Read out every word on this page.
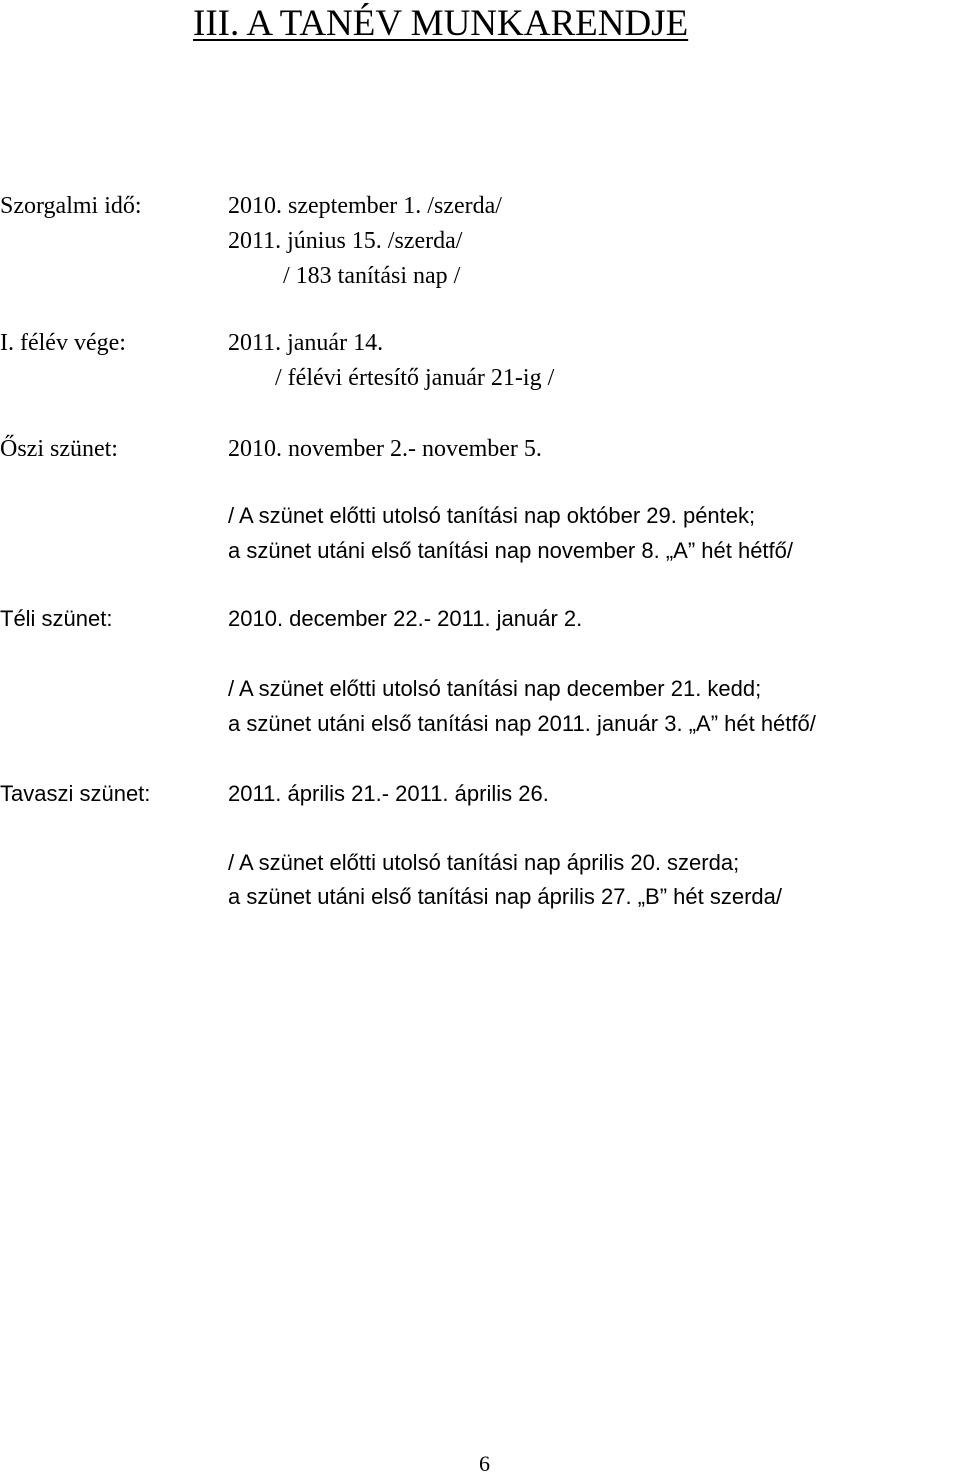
III. A TANÉV MUNKARENDJE
Szorgalmi idő:	2010. szeptember 1. /szerda/
2011. június 15. /szerda/
/ 183 tanítási nap /
I. félév vége:	2011. január 14.
/ félévi értesítő január 21-ig /
Őszi szünet:	2010. november 2.- november 5.
/ A szünet előtti utolsó tanítási nap október 29. péntek;
a szünet utáni első tanítási nap november 8. „A” hét hétfő/
Téli szünet:	2010. december 22.- 2011. január 2.
/ A szünet előtti utolsó tanítási nap december 21. kedd;
a szünet utáni első tanítási nap 2011. január 3. „A” hét hétfő/
Tavaszi szünet:	2011. április 21.- 2011. április 26.
/ A szünet előtti utolsó tanítási nap április 20. szerda;
a szünet utáni első tanítási nap április 27. „B” hét szerda/
6
